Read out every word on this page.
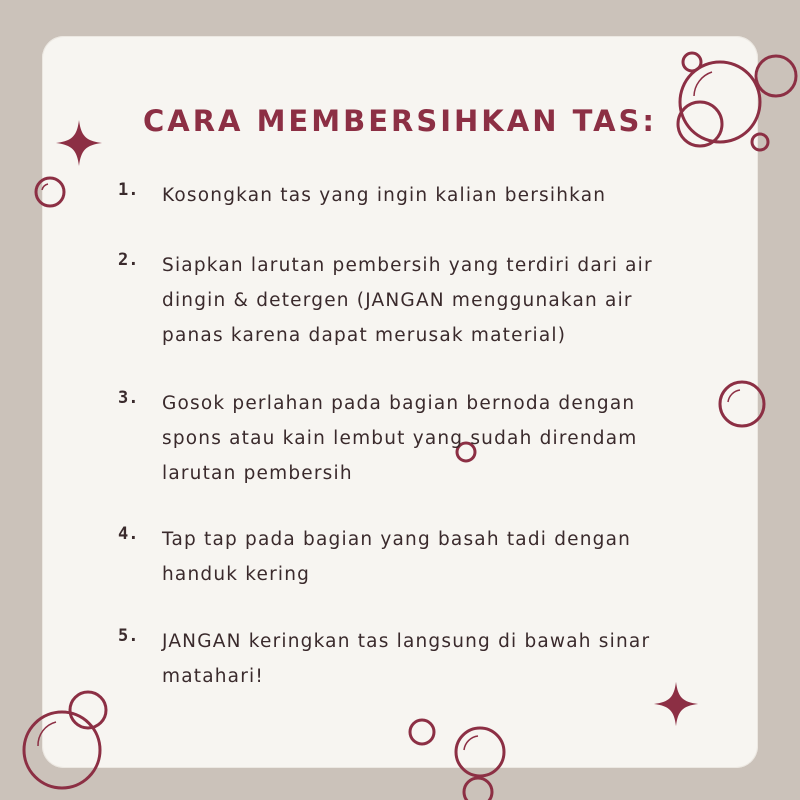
CARA MEMBERSIHKAN TAS:
1. Kosongkan tas yang ingin kalian bersihkan
2. Siapkan larutan pembersih yang terdiri dari air dingin & detergen (JANGAN menggunakan air panas karena dapat merusak material)
3. Gosok perlahan pada bagian bernoda dengan spons atau kain lembut yang sudah direndam larutan pembersih
4. Tap tap pada bagian yang basah tadi dengan handuk kering
5. JANGAN keringkan tas langsung di bawah sinar matahari!
